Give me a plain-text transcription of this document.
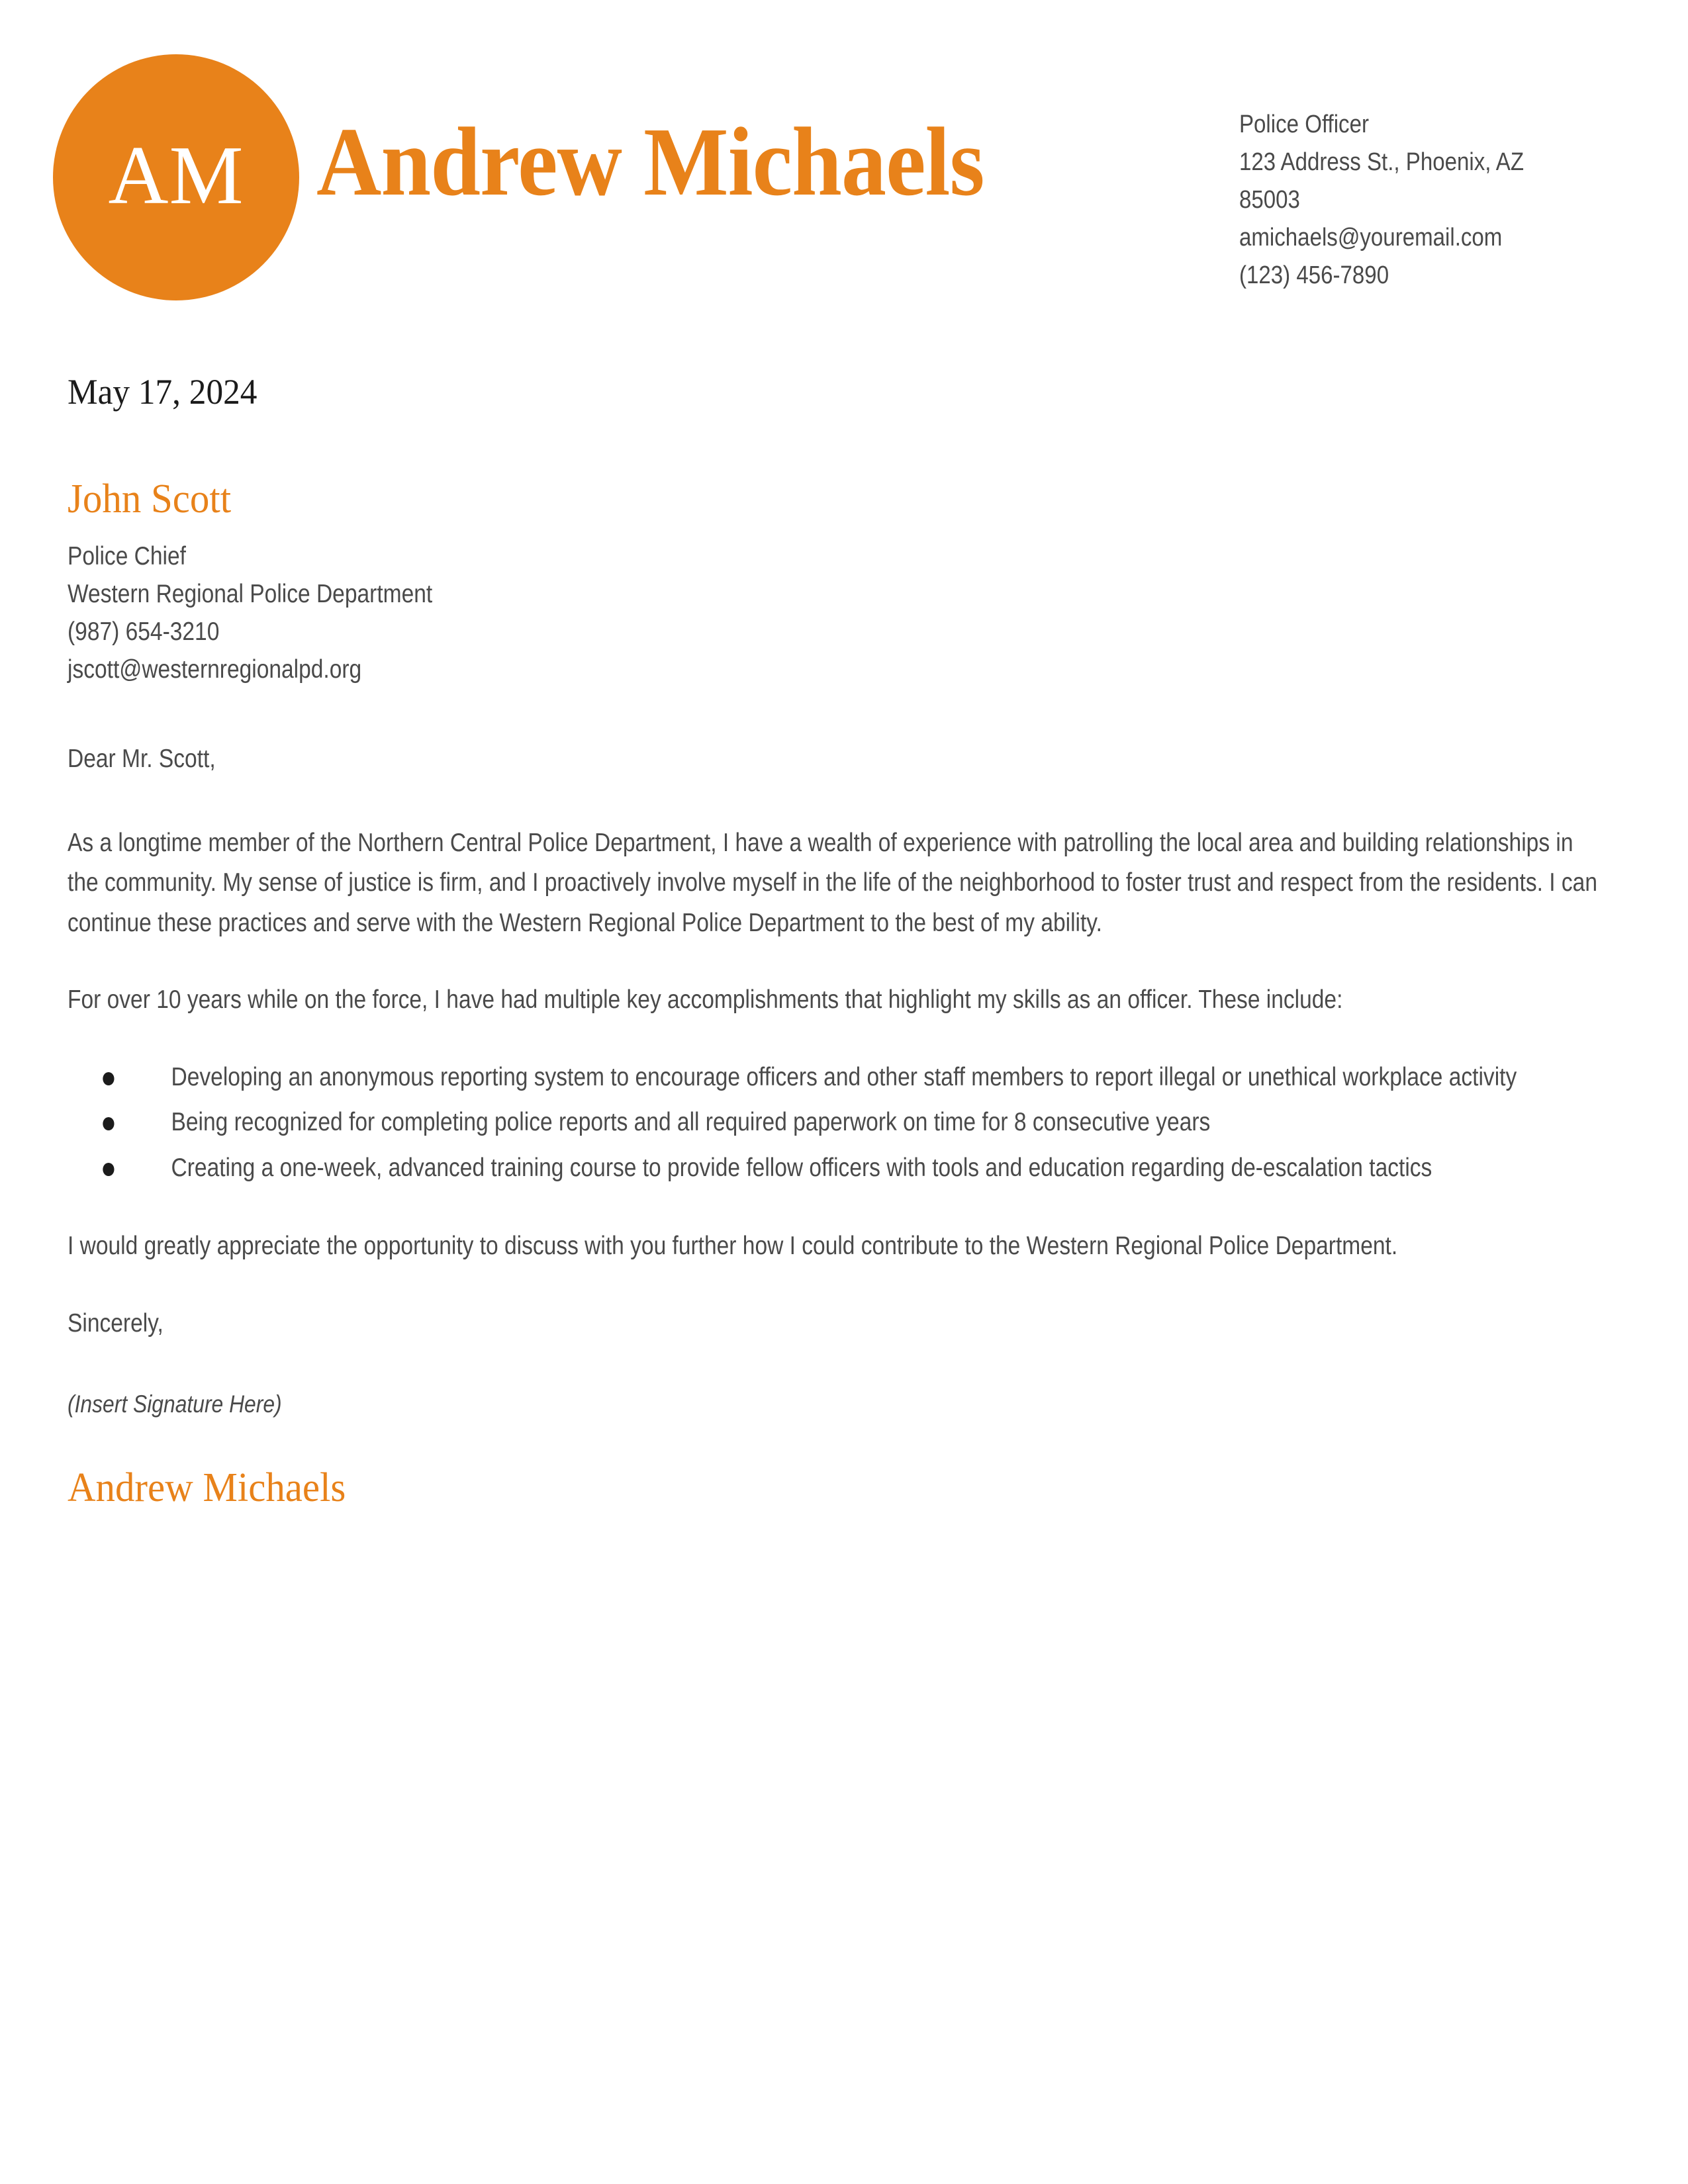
AM Andrew Michaels	Police Officer
123 Address St., Phoenix, AZ 85003
amichaels@youremail.com
(123) 456-7890
May 17, 2024
John Scott
Police Chief
Western Regional Police Department
(987) 654-3210
jscott@westernregionalpd.org
Dear Mr. Scott,

As a longtime member of the Northern Central Police Department, I have a wealth of experience with patrolling the local area and building relationships in the community. My sense of justice is firm, and I proactively involve myself in the life of the neighborhood to foster trust and respect from the residents. I can continue these practices and serve with the Western Regional Police Department to the best of my ability.

For over 10 years while on the force, I have had multiple key accomplishments that highlight my skills as an officer. These include:

Developing an anonymous reporting system to encourage officers and other staff members to report illegal or unethical workplace activity
Being recognized for completing police reports and all required paperwork on time for 8 consecutive years
Creating a one-week, advanced training course to provide fellow officers with tools and education regarding de-escalation tactics

I would greatly appreciate the opportunity to discuss with you further how I could contribute to the Western Regional Police Department.

Sincerely,
(Insert Signature Here)
Andrew Michaels
